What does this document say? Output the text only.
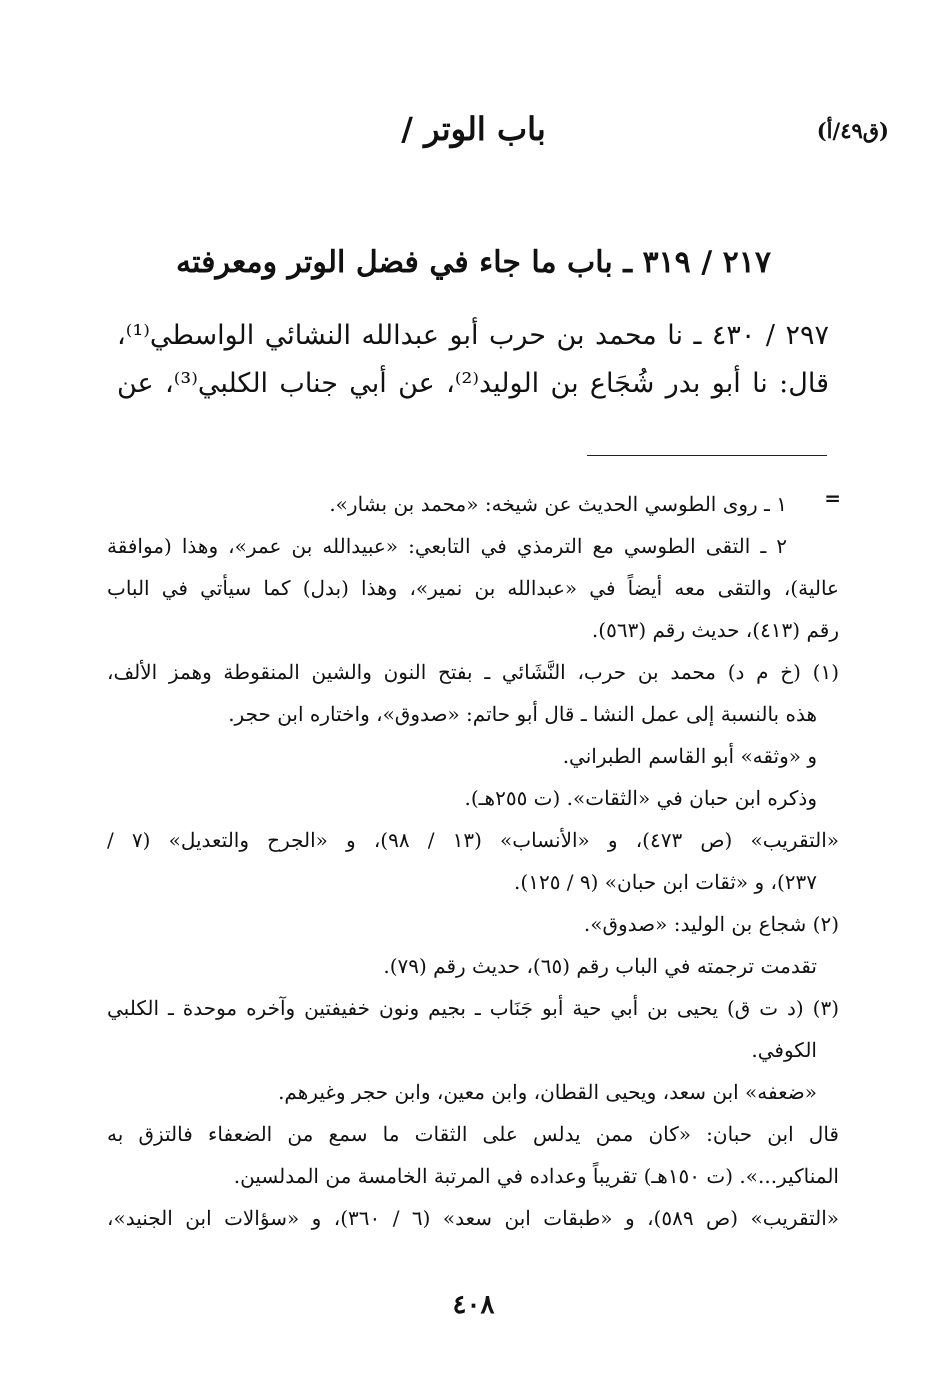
(ق٤٩/أ)
باب الوتر /
٢١٧ / ٣١٩ ـ باب ما جاء في فضل الوتر ومعرفته
٢٩٧ / ٤٣٠ ـ نا محمد بن حرب أبو عبدالله النشائي الواسطي⁽¹⁾،
قال: نا أبو بدر شُجَاع بن الوليد⁽²⁾، عن أبي جناب الكلبي⁽³⁾، عن
=
١ ـ روى الطوسي الحديث عن شيخه: «محمد بن بشار».
٢ ـ التقى الطوسي مع الترمذي في التابعي: «عبيدالله بن عمر»، وهذا (موافقة
عالية)، والتقى معه أيضاً في «عبدالله بن نمير»، وهذا (بدل) كما سيأتي في الباب
رقم (٤١٣)، حديث رقم (٥٦٣).
(١) (خ م د) محمد بن حرب، النَّشَائي ـ بفتح النون والشين المنقوطة وهمز الألف،
هذه بالنسبة إلى عمل النشا ـ قال أبو حاتم: «صدوق»، واختاره ابن حجر.
و «وثقه» أبو القاسم الطبراني.
وذكره ابن حبان في «الثقات». (ت ٢٥٥هـ).
«التقريب» (ص ٤٧٣)، و «الأنساب» (١٣ / ٩٨)، و «الجرح والتعديل» (٧ /
٢٣٧)، و «ثقات ابن حبان» (٩ / ١٢٥).
(٢) شجاع بن الوليد: «صدوق».
تقدمت ترجمته في الباب رقم (٦٥)، حديث رقم (٧٩).
(٣) (د ت ق) يحيى بن أبي حية أبو جَنَاب ـ بجيم ونون خفيفتين وآخره موحدة ـ الكلبي
الكوفي.
«ضعفه» ابن سعد، ويحيى القطان، وابن معين، وابن حجر وغيرهم.
قال ابن حبان: «كان ممن يدلس على الثقات ما سمع من الضعفاء فالتزق به
المناكير...». (ت ١٥٠هـ) تقريباً وعداده في المرتبة الخامسة من المدلسين.
«التقريب» (ص ٥٨٩)، و «طبقات ابن سعد» (٦ / ٣٦٠)، و «سؤالات ابن الجنيد»،
٤٠٨
